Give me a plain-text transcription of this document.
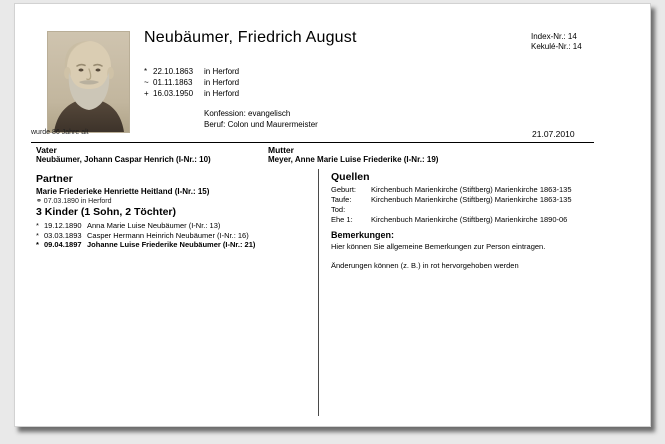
wurde 86 Jahre alt
Neubäumer, Friedrich August	Index-Nr.: 14
Kekulé-Nr.: 14
* 22.10.1863 in Herford
~ 01.11.1863 in Herford
+ 16.03.1950 in Herford
Konfession: evangelisch
Beruf: Colon und Maurermeister
21.07.2010
Vater
Neubäumer, Johann Caspar Henrich (I-Nr.: 10)
Mutter
Meyer, Anne Marie Luise Friederike (I-Nr.: 19)
Partner
Marie Friederieke Henriette Heitland (I-Nr.: 15)
⚭ 07.03.1890 in Herford
3 Kinder (1 Sohn, 2 Töchter)
* 19.12.1890 Anna Marie Luise Neubäumer (I-Nr.: 13)
* 03.03.1893 Casper Hermann Heinrich Neubäumer (I-Nr.: 16)
* 09.04.1897 Johanne Luise Friederike Neubäumer (I-Nr.: 21)
Quellen
Geburt: Kirchenbuch Marienkirche (Stiftberg) Marienkirche 1863-135
Taufe:	Kirchenbuch Marienkirche (Stiftberg) Marienkirche 1863-135
Tod:
Ehe 1: Kirchenbuch Marienkirche (Stiftberg) Marienkirche 1890-06
Bemerkungen:
Hier können Sie allgemeine Bemerkungen zur Person eintragen.
Änderungen können (z. B.) in rot hervorgehoben werden
